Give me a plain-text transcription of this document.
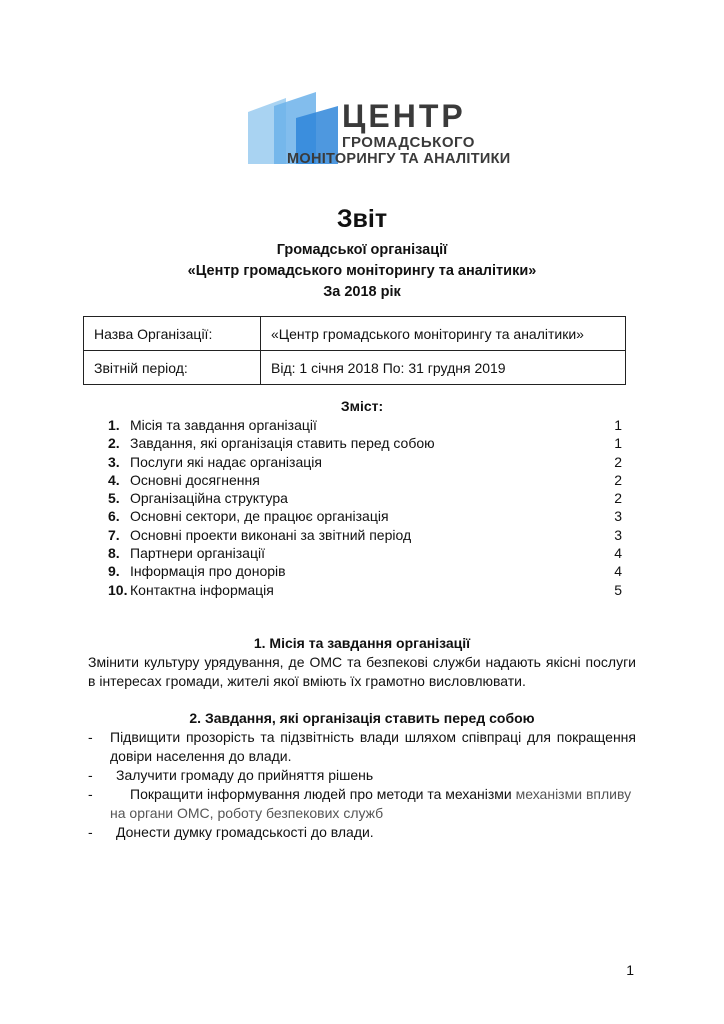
ЦЕНТР
ГРОМАДСЬКОГО
МОНІТОРИНГУ ТА АНАЛІТИКИ
Звіт
Громадської організації
«Центр громадського моніторингу та аналітики»
За 2018 рік
Назва Організації:	«Центр громадського моніторингу та аналітики»
Звітній період:	Від: 1 січня 2018 По: 31 грудня 2019
Зміст:
1. Місія та завдання організації	1
2. Завдання, які організація ставить перед собою	1
3. Послуги які надає організація	2
4. Основні досягнення	2
5. Організаційна структура	2
6. Основні сектори, де працює організація	3
7. Основні проекти виконані за звітний період	3
8. Партнери організації	4
9. Інформація про донорів	4
10. Контактна інформація	5
1. Місія та завдання організації
Змінити культуру урядування, де ОМС та безпекові служби надають якісні послуги в інтересах громади, жителі якої вміють їх грамотно висловлювати.
2. Завдання, які організація ставить перед собою
- Підвищити прозорість та підзвітність влади шляхом співпраці для покращення довіри населення до влади.
- Залучити громаду до прийняття рішень
-	Покращити інформування людей про методи та механізми механізми впливу на органи ОМС, роботу безпекових служб
- Донести думку громадськості до влади.
1
